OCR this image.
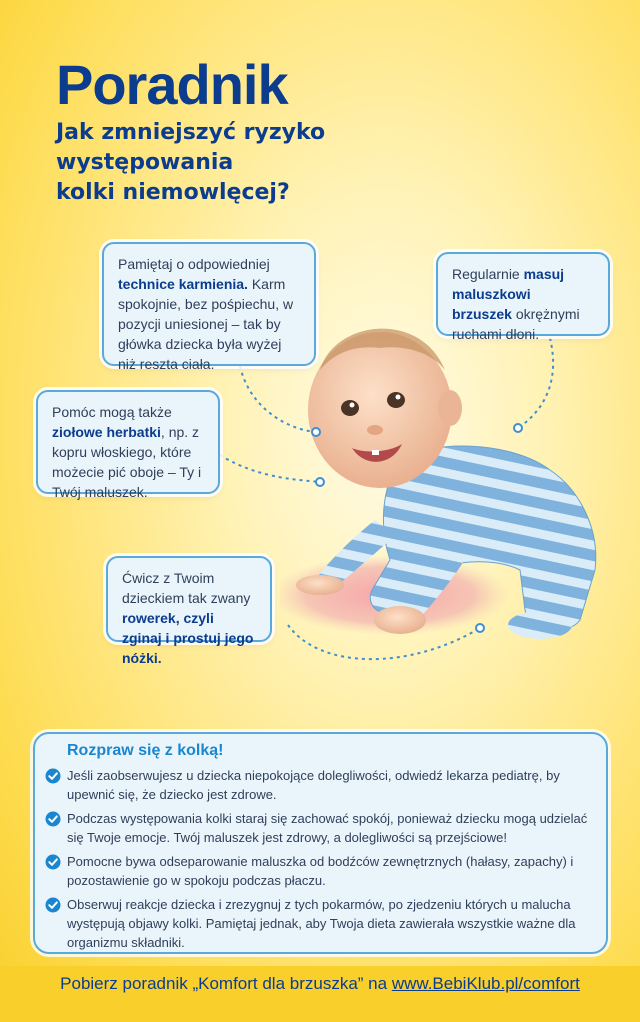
Poradnik
Jak zmniejszyć ryzyko
występowania
kolki niemowlęcej?
Pamiętaj o odpowiedniej technice karmienia. Karm spokojnie, bez pośpiechu, w pozycji uniesionej – tak by główka dziecka była wyżej niż reszta ciała.
Regularnie masuj maluszkowi brzuszek okrężnymi ruchami dłoni.
Pomóc mogą także ziołowe herbatki, np. z kopru włoskiego, które możecie pić oboje – Ty i Twój maluszek.
Ćwicz z Twoim dzieckiem tak zwany rowerek, czyli zginaj i prostuj jego nóżki.
Rozpraw się z kolką!
Jeśli zaobserwujesz u dziecka niepokojące dolegliwości, odwiedź lekarza pediatrę, by upewnić się, że dziecko jest zdrowe.
Podczas występowania kolki staraj się zachować spokój, ponieważ dziecku mogą udzielać się Twoje emocje. Twój maluszek jest zdrowy, a dolegliwości są przejściowe!
Pomocne bywa odseparowanie maluszka od bodźców zewnętrznych (hałasy, zapachy) i pozostawienie go w spokoju podczas płaczu.
Obserwuj reakcje dziecka i zrezygnuj z tych pokarmów, po zjedzeniu których u malucha występują objawy kolki. Pamiętaj jednak, aby Twoja dieta zawierała wszystkie ważne dla organizmu składniki.
Pobierz poradnik „Komfort dla brzuszka” na www.BebiKlub.pl/comfort
